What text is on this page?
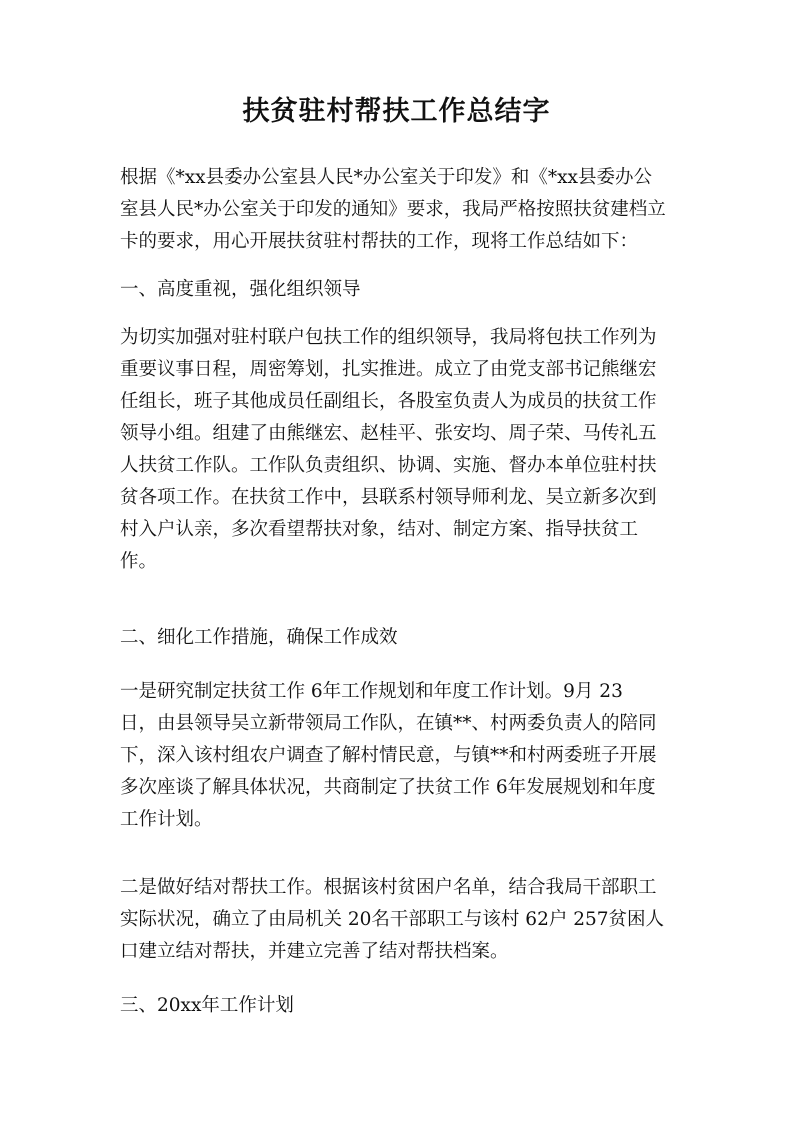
扶贫驻村帮扶工作总结字
根据《*xx县委办公室县人民*办公室关于印发》和《*xx县委办公
室县人民*办公室关于印发的通知》要求，我局严格按照扶贫建档立
卡的要求，用心开展扶贫驻村帮扶的工作，现将工作总结如下：
一、高度重视，强化组织领导
为切实加强对驻村联户包扶工作的组织领导，我局将包扶工作列为
重要议事日程，周密筹划，扎实推进。成立了由党支部书记熊继宏
任组长，班子其他成员任副组长，各股室负责人为成员的扶贫工作
领导小组。组建了由熊继宏、赵桂平、张安均、周子荣、马传礼五
人扶贫工作队。工作队负责组织、协调、实施、督办本单位驻村扶
贫各项工作。在扶贫工作中，县联系村领导师利龙、吴立新多次到
村入户认亲，多次看望帮扶对象，结对、制定方案、指导扶贫工
作。
二、细化工作措施，确保工作成效
一是研究制定扶贫工作 6年工作规划和年度工作计划。9月 23
日，由县领导吴立新带领局工作队，在镇**、村两委负责人的陪同
下，深入该村组农户调查了解村情民意，与镇**和村两委班子开展
多次座谈了解具体状况，共商制定了扶贫工作 6年发展规划和年度
工作计划。
二是做好结对帮扶工作。根据该村贫困户名单，结合我局干部职工
实际状况，确立了由局机关 20名干部职工与该村 62户 257贫困人
口建立结对帮扶，并建立完善了结对帮扶档案。
三、20xx年工作计划
